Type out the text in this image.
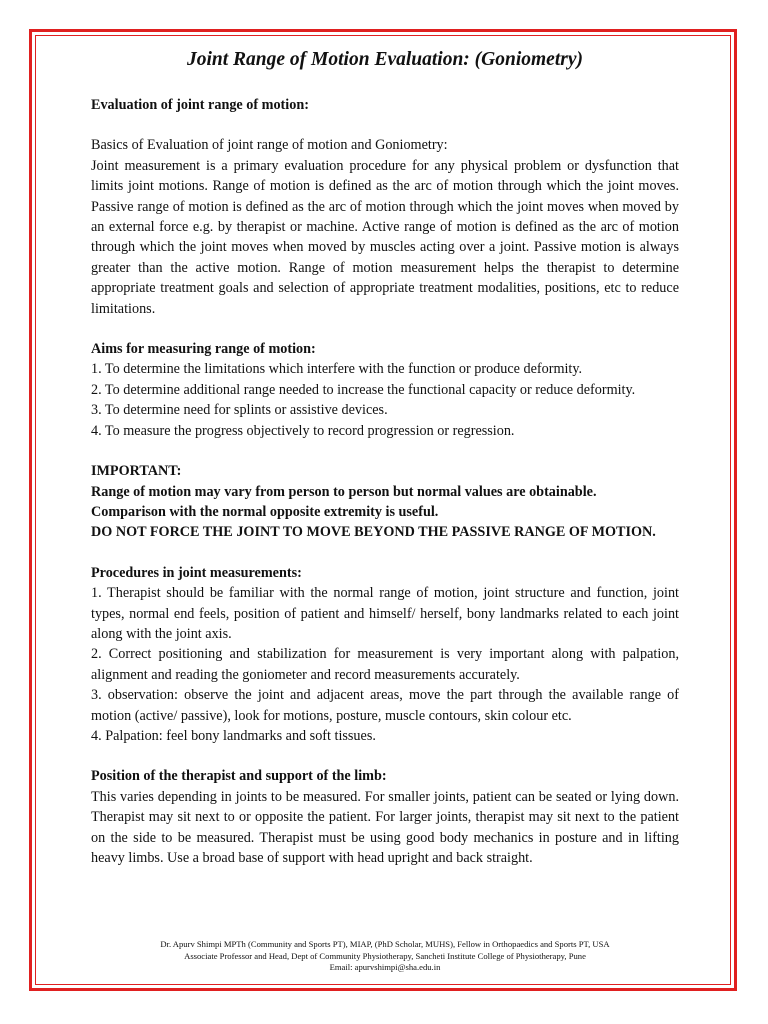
Joint Range of Motion Evaluation: (Goniometry)

Evaluation of joint range of motion:

Basics of Evaluation of joint range of motion and Goniometry:

Joint measurement is a primary evaluation procedure for any physical problem or dysfunction that limits joint motions. Range of motion is defined as the arc of motion through which the joint moves. Passive range of motion is defined as the arc of motion through which the joint moves when moved by an external force e.g. by therapist or machine. Active range of motion is defined as the arc of motion through which the joint moves when moved by muscles acting over a joint. Passive motion is always greater than the active motion. Range of motion measurement helps the therapist to determine appropriate treatment goals and selection of appropriate treatment modalities, positions, etc to reduce limitations.

Aims for measuring range of motion:

1. To determine the limitations which interfere with the function or produce deformity.

2. To determine additional range needed to increase the functional capacity or reduce deformity.

3. To determine need for splints or assistive devices.

4. To measure the progress objectively to record progression or regression.

IMPORTANT:

Range of motion may vary from person to person but normal values are obtainable.

Comparison with the normal opposite extremity is useful.

DO NOT FORCE THE JOINT TO MOVE BEYOND THE PASSIVE RANGE OF MOTION.

Procedures in joint measurements:

1. Therapist should be familiar with the normal range of motion, joint structure and function, joint types, normal end feels, position of patient and himself/ herself, bony landmarks related to each joint along with the joint axis.

2. Correct positioning and stabilization for measurement is very important along with palpation, alignment and reading the goniometer and record measurements accurately.

3. observation: observe the joint and adjacent areas, move the part through the available range of motion (active/ passive), look for motions, posture, muscle contours, skin colour etc.

4. Palpation: feel bony landmarks and soft tissues.

Position of the therapist and support of the limb:

This varies depending in joints to be measured. For smaller joints, patient can be seated or lying down. Therapist may sit next to or opposite the patient. For larger joints, therapist may sit next to the patient on the side to be measured. Therapist must be using good body mechanics in posture and in lifting heavy limbs. Use a broad base of support with head upright and back straight.

Dr. Apurv Shimpi MPTh (Community and Sports PT), MIAP, (PhD Scholar, MUHS), Fellow in Orthopaedics and Sports PT, USA
Associate Professor and Head, Dept of Community Physiotherapy, Sancheti Institute College of Physiotherapy, Pune
Email: apurvshimpi@sha.edu.in
